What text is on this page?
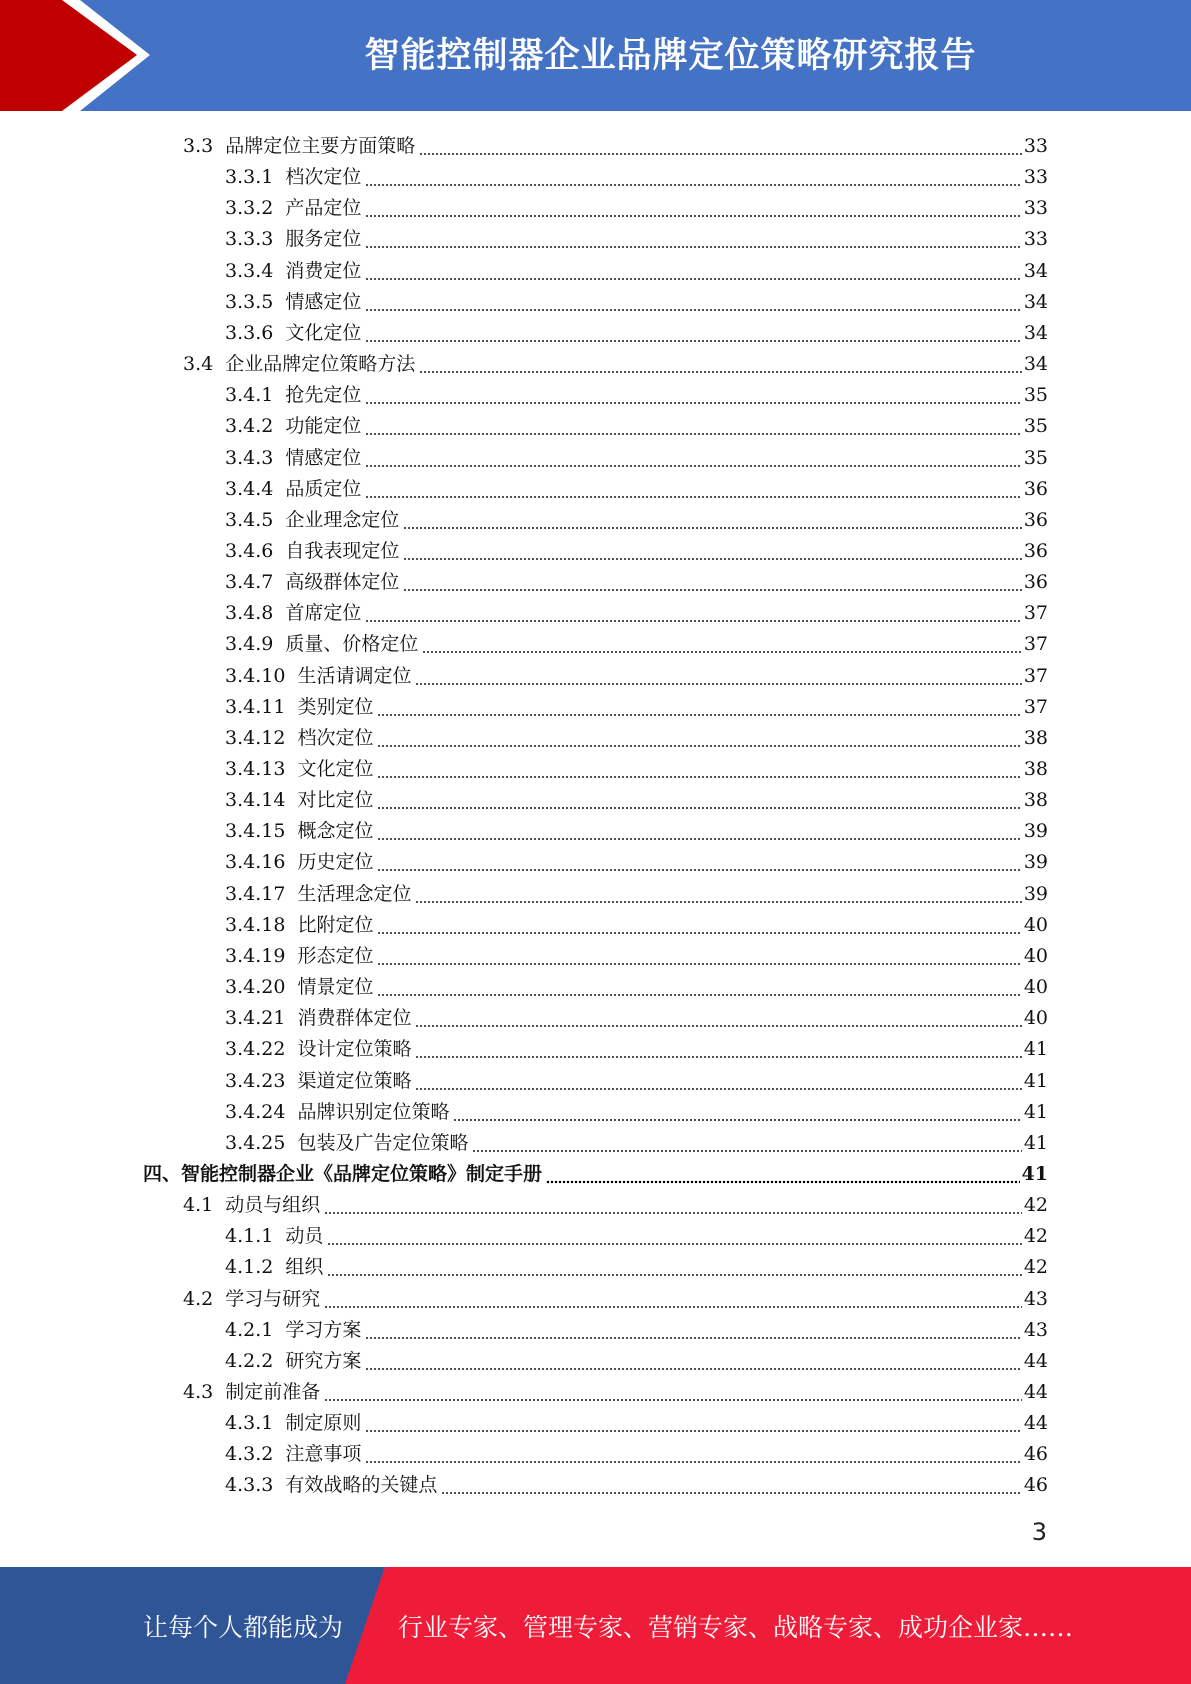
智能控制器企业品牌定位策略研究报告
3.3 品牌定位主要方面策略	33
3.3.1 档次定位	33
3.3.2 产品定位	33
3.3.3 服务定位	33
3.3.4 消费定位	34
3.3.5 情感定位	34
3.3.6 文化定位	34
3.4 企业品牌定位策略方法	34
3.4.1 抢先定位	35
3.4.2 功能定位	35
3.4.3 情感定位	35
3.4.4 品质定位	36
3.4.5 企业理念定位	36
3.4.6 自我表现定位	36
3.4.7 高级群体定位	36
3.4.8 首席定位	37
3.4.9 质量、价格定位	37
3.4.10 生活请调定位	37
3.4.11 类别定位	37
3.4.12 档次定位	38
3.4.13 文化定位	38
3.4.14 对比定位	38
3.4.15 概念定位	39
3.4.16 历史定位	39
3.4.17 生活理念定位	39
3.4.18 比附定位	40
3.4.19 形态定位	40
3.4.20 情景定位	40
3.4.21 消费群体定位	40
3.4.22 设计定位策略	41
3.4.23 渠道定位策略	41
3.4.24 品牌识别定位策略	41
3.4.25 包装及广告定位策略	41
四、智能控制器企业《品牌定位策略》制定手册	41
4.1 动员与组织	42
4.1.1 动员	42
4.1.2 组织	42
4.2 学习与研究	43
4.2.1 学习方案	43
4.2.2 研究方案	44
4.3 制定前准备	44
4.3.1 制定原则	44
4.3.2 注意事项	46
4.3.3 有效战略的关键点	46
3
让每个人都能成为 行业专家、管理专家、营销专家、战略专家、成功企业家……
